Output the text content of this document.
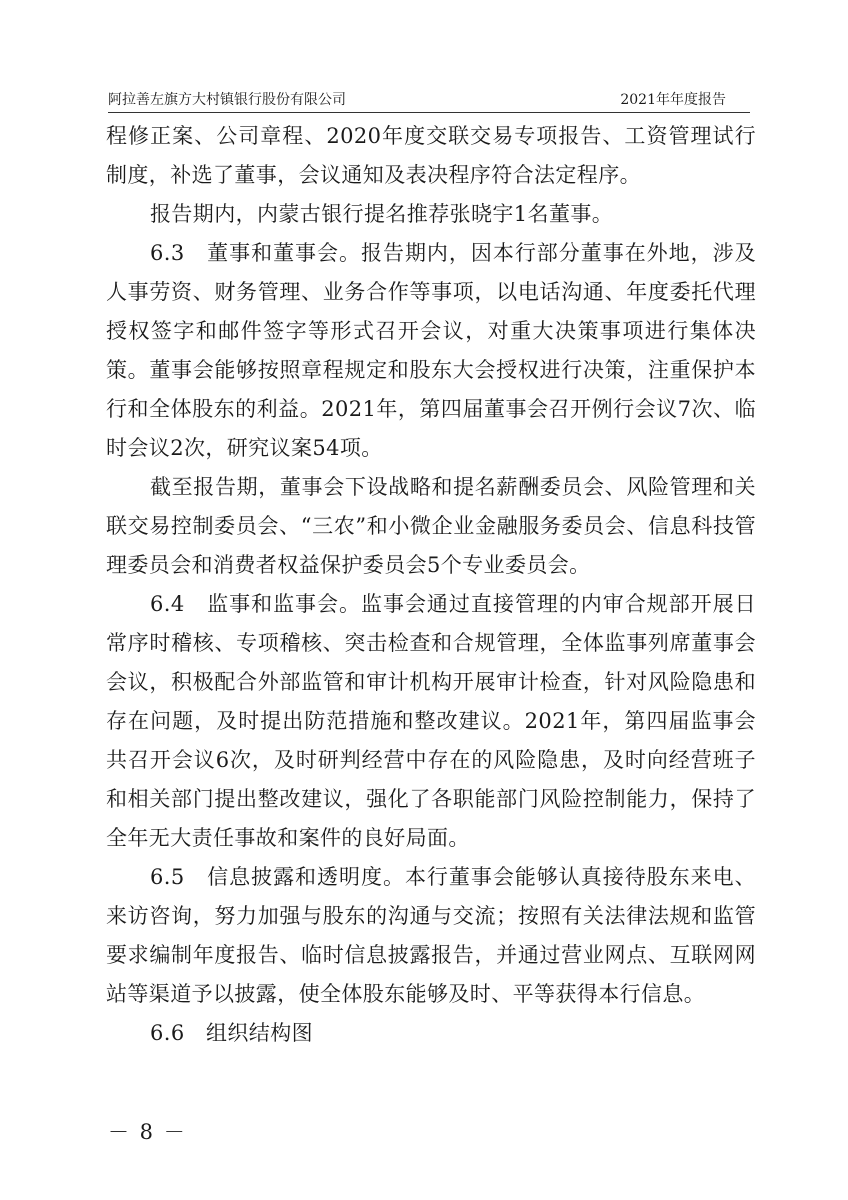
阿拉善左旗方大村镇银行股份有限公司	2021年年度报告

程修正案、公司章程、2020年度交联交易专项报告、工资管理试行制度，补选了董事，会议通知及表决程序符合法定程序。

报告期内，内蒙古银行提名推荐张晓宇1名董事。

6.3　董事和董事会。报告期内，因本行部分董事在外地，涉及人事劳资、财务管理、业务合作等事项，以电话沟通、年度委托代理授权签字和邮件签字等形式召开会议，对重大决策事项进行集体决策。董事会能够按照章程规定和股东大会授权进行决策，注重保护本行和全体股东的利益。2021年，第四届董事会召开例行会议7次、临时会议2次，研究议案54项。

截至报告期，董事会下设战略和提名薪酬委员会、风险管理和关联交易控制委员会、“三农”和小微企业金融服务委员会、信息科技管理委员会和消费者权益保护委员会5个专业委员会。

6.4　监事和监事会。监事会通过直接管理的内审合规部开展日常序时稽核、专项稽核、突击检查和合规管理，全体监事列席董事会会议，积极配合外部监管和审计机构开展审计检查，针对风险隐患和存在问题，及时提出防范措施和整改建议。2021年，第四届监事会共召开会议6次，及时研判经营中存在的风险隐患，及时向经营班子和相关部门提出整改建议，强化了各职能部门风险控制能力，保持了全年无大责任事故和案件的良好局面。

6.5　信息披露和透明度。本行董事会能够认真接待股东来电、来访咨询，努力加强与股东的沟通与交流；按照有关法律法规和监管要求编制年度报告、临时信息披露报告，并通过营业网点、互联网网站等渠道予以披露，使全体股东能够及时、平等获得本行信息。

6.6　组织结构图

－ 8 －
